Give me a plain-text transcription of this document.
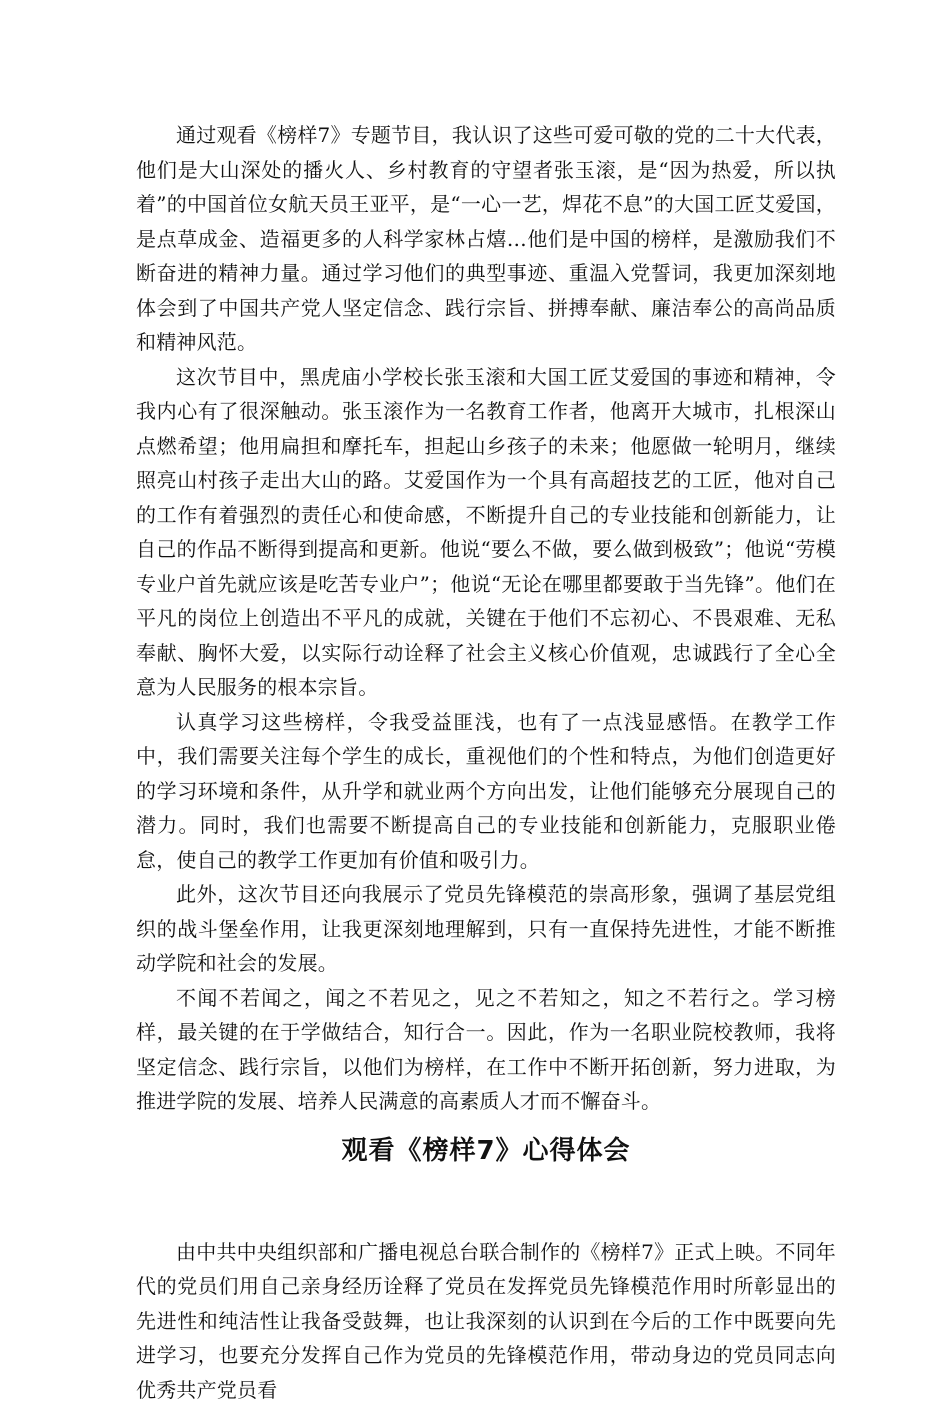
通过观看《榜样7》专题节目，我认识了这些可爱可敬的党的二十大代表，他们是大山深处的播火人、乡村教育的守望者张玉滚，是“因为热爱，所以执着”的中国首位女航天员王亚平，是“一心一艺，焊花不息”的大国工匠艾爱国，是点草成金、造福更多的人科学家林占熺…他们是中国的榜样，是激励我们不断奋进的精神力量。通过学习他们的典型事迹、重温入党誓词，我更加深刻地体会到了中国共产党人坚定信念、践行宗旨、拼搏奉献、廉洁奉公的高尚品质和精神风范。

这次节目中，黑虎庙小学校长张玉滚和大国工匠艾爱国的事迹和精神，令我内心有了很深触动。张玉滚作为一名教育工作者，他离开大城市，扎根深山点燃希望；他用扁担和摩托车，担起山乡孩子的未来；他愿做一轮明月，继续照亮山村孩子走出大山的路。艾爱国作为一个具有高超技艺的工匠，他对自己的工作有着强烈的责任心和使命感，不断提升自己的专业技能和创新能力，让自己的作品不断得到提高和更新。他说“要么不做，要么做到极致”；他说“劳模专业户首先就应该是吃苦专业户”；他说“无论在哪里都要敢于当先锋”。他们在平凡的岗位上创造出不平凡的成就，关键在于他们不忘初心、不畏艰难、无私奉献、胸怀大爱，以实际行动诠释了社会主义核心价值观，忠诚践行了全心全意为人民服务的根本宗旨。

认真学习这些榜样，令我受益匪浅，也有了一点浅显感悟。在教学工作中，我们需要关注每个学生的成长，重视他们的个性和特点，为他们创造更好的学习环境和条件，从升学和就业两个方向出发，让他们能够充分展现自己的潜力。同时，我们也需要不断提高自己的专业技能和创新能力，克服职业倦怠，使自己的教学工作更加有价值和吸引力。

此外，这次节目还向我展示了党员先锋模范的崇高形象，强调了基层党组织的战斗堡垒作用，让我更深刻地理解到，只有一直保持先进性，才能不断推动学院和社会的发展。

不闻不若闻之，闻之不若见之，见之不若知之，知之不若行之。学习榜样，最关键的在于学做结合，知行合一。因此，作为一名职业院校教师，我将坚定信念、践行宗旨，以他们为榜样，在工作中不断开拓创新，努力进取，为推进学院的发展、培养人民满意的高素质人才而不懈奋斗。

观看《榜样7》心得体会

由中共中央组织部和广播电视总台联合制作的《榜样7》正式上映。不同年代的党员们用自己亲身经历诠释了党员在发挥党员先锋模范作用时所彰显出的先进性和纯洁性让我备受鼓舞，也让我深刻的认识到在今后的工作中既要向先进学习，也要充分发挥自己作为党员的先锋模范作用，带动身边的党员同志向优秀共产党员看
